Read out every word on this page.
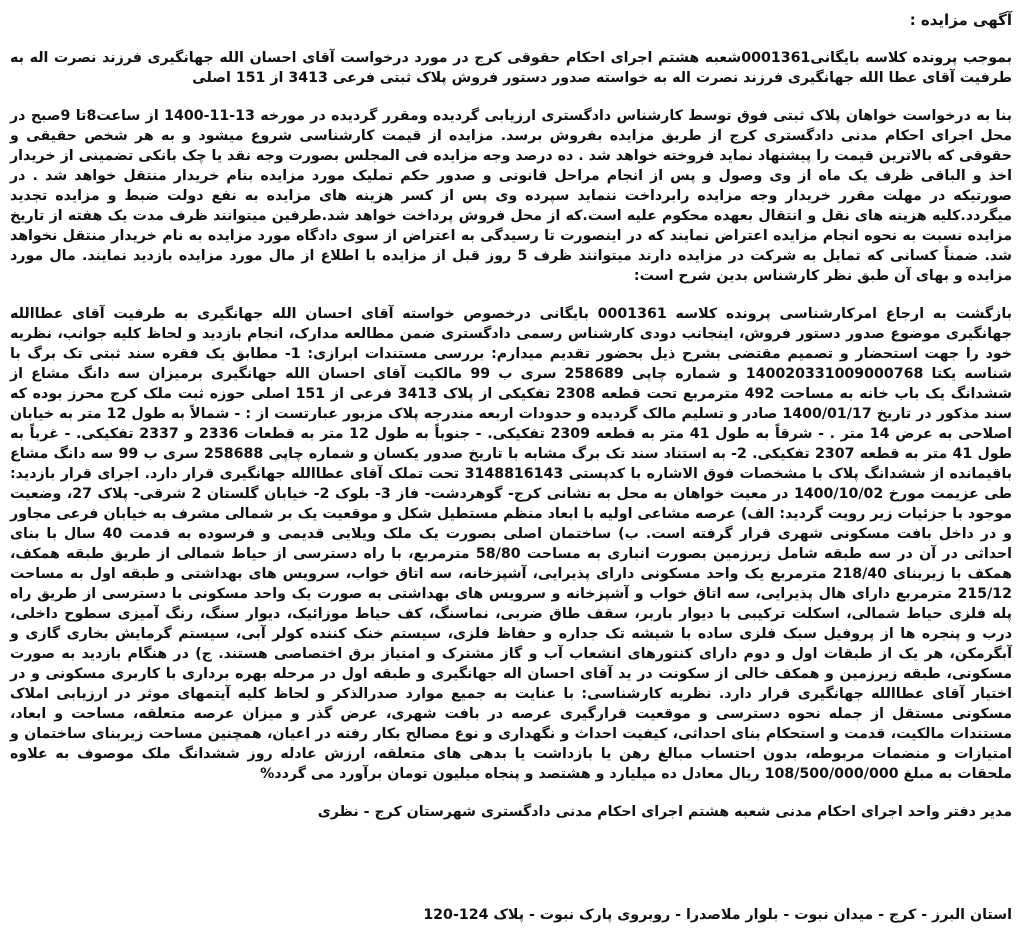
آگهی مزایده :

بموجب پرونده کلاسه بایگانی0001361شعبه هشتم اجرای احکام حقوقی کرج در مورد درخواست آقای احسان الله جهانگیری فرزند نصرت اله به طرفیت آقای عطا الله جهانگیری فرزند نصرت اله به خواسته صدور دستور فروش پلاک ثبتی فرعی 3413 از 151 اصلی

بنا به درخواست خواهان پلاک ثبتی فوق توسط کارشناس دادگستری ارزیابی گردیده ومقرر گردیده در مورخه 13-11-1400 از ساعت8تا 9صبح در محل اجرای احکام مدنی دادگستری کرج از طریق مزایده بفروش برسد. مزایده از قیمت کارشناسی شروع میشود و به هر شخص حقیقی و حقوقی که بالاترین قیمت را پیشنهاد نماید فروخته خواهد شد . ده درصد وجه مزایده فی المجلس بصورت وجه نقد یا چک بانکی تضمینی از خریدار اخذ و الباقی ظرف یک ماه از وی وصول و پس از انجام مراحل قانونی و صدور حکم تملیک مورد مزایده بنام خریدار منتقل خواهد شد . در صورتیکه در مهلت مقرر خریدار وجه مزایده رابرداخت ننماید سپرده وی پس از کسر هزینه های مزایده به نفع دولت ضبط و مزایده تجدید میگردد.کلیه هزینه های نقل و انتقال بعهده محکوم علیه است.که از محل فروش پرداخت خواهد شد.طرفین میتوانند ظرف مدت یک هفته از تاریخ مزایده نسبت به نحوه انجام مزایده اعتراض نمایند که در اینصورت تا رسیدگی به اعتراض از سوی دادگاه مورد مزایده به نام خریدار منتقل نخواهد شد. ضمناً کسانی که تمایل به شرکت در مزایده دارند میتوانند ظرف 5 روز قبل از مزایده با اطلاع از مال مورد مزایده بازدید نمایند. مال مورد مزایده و بهای آن طبق نظر کارشناس بدین شرح است:

بازگشت به ارجاع امرکارشناسی پرونده کلاسه 0001361 بایگانی درخصوص خواسته آقای احسان الله جهانگیری به طرفیت آقای عطاالله جهانگیری موضوع صدور دستور فروش، اینجانب دودی کارشناس رسمی دادگستری ضمن مطالعه مدارک، انجام بازدید و لحاظ کلیه جوانب، نظریه خود را جهت استحضار و تصمیم مقتضی بشرح ذیل بحضور تقدیم میدارم: بررسی مستندات ابرازی: 1- مطابق یک فقره سند ثبتی تک برگ با شناسه یکتا 140020331009000768 و شماره چاپی 258689 سری ب 99 مالکیت آقای احسان الله جهانگیری برمیزان سه دانگ مشاع از ششدانگ یک باب خانه به مساحت 492 مترمربع تحت قطعه 2308 تفکیکی از پلاک 3413 فرعی از 151 اصلی حوزه ثبت ملک کرج محرز بوده که سند مذکور در تاریخ 1400/01/17 صادر و تسلیم مالک گردیده و حدودات اربعه مندرجه پلاک مزبور عبارتست از : - شمالاً به طول 12 متر به خیابان اصلاحی به عرض 14 متر . - شرقاً به طول 41 متر به قطعه 2309 تفکیکی. - جنوباً به طول 12 متر به قطعات 2336 و 2337 تفکیکی. - غرباً به طول 41 متر به قطعه 2307 تفکیکی. 2- به استناد سند تک برگ مشابه با تاریخ صدور یکسان و شماره چاپی 258688 سری ب 99 سه دانگ مشاع باقیمانده از ششدانگ پلاک با مشخصات فوق الاشاره با کدپستی 3148816143 تحت تملک آقای عطاالله جهانگیری قرار دارد. اجرای قرار بازدید: طی عزیمت مورخ 1400/10/02 در معیت خواهان به محل به نشانی کرج- گوهردشت- فاز 3- بلوک 2- خیابان گلستان 2 شرقی- پلاک 27، وضعیت موجود با جزئیات زیر رویت گردید: الف) عرصه مشاعی اولیه با ابعاد منظم مستطیل شکل و موقعیت یک بر شمالی مشرف به خیابان فرعی مجاور و در داخل بافت مسکونی شهری قرار گرفته است. ب) ساختمان اصلی بصورت یک ملک ویلایی قدیمی و فرسوده به قدمت 40 سال با بنای احداثی در آن در سه طبقه شامل زیرزمین بصورت انباری به مساحت 58/80 مترمربع، با راه دسترسی از حیاط شمالی از طریق طبقه همکف، همکف با زیربنای 218/40 مترمربع یک واحد مسکونی دارای پذیرایی، آشپزخانه، سه اتاق خواب، سرویس های بهداشتی و طبقه اول به مساحت 215/12 مترمربع دارای هال پذیرایی، سه اتاق خواب و آشپزخانه و سرویس های بهداشتی به صورت یک واحد مسکونی با دسترسی از طریق راه پله فلزی حیاط شمالی، اسکلت ترکیبی با دیوار باربر، سقف طاق ضربی، نماسنگ، کف حیاط موزائیک، دیوار سنگ، رنگ آمیزی سطوح داخلی، درب و پنجره ها از پروفیل سبک فلزی ساده با شیشه تک جداره و حفاظ فلزی، سیستم خنک کننده کولر آبی، سیستم گرمایش بخاری گازی و آبگرمکن، هر یک از طبقات اول و دوم دارای کنتورهای انشعاب آب و گاز مشترک و امتیاز برق اختصاصی هستند. ج) در هنگام بازدید به صورت مسکونی، طبقه زیرزمین و همکف خالی از سکونت در ید آقای احسان اله جهانگیری و طبقه اول در مرحله بهره برداری با کاربری مسکونی و در اختیار آقای عطاالله جهانگیری قرار دارد. نظریه کارشناسی: با عنایت به جمیع موارد صدرالذکر و لحاظ کلیه آیتمهای موثر در ارزیابی املاک مسکونی مستقل از جمله نحوه دسترسی و موقعیت قرارگیری عرصه در بافت شهری، عرض گذر و میزان عرصه متعلقه، مساحت و ابعاد، مستندات مالکیت، قدمت و استحکام بنای احداثی، کیفیت احداث و نگهداری و نوع مصالح بکار رفته در اعیان، همچنین مساحت زیربنای ساختمان و امتیازات و منضمات مربوطه، بدون احتساب مبالغ رهن یا بازداشت یا بدهی های متعلقه، ارزش عادله روز ششدانگ ملک موصوف به علاوه ملحقات به مبلغ 108/500/000/000 ریال معادل ده میلیارد و هشتصد و پنجاه میلیون تومان برآورد می گردد%

مدیر دفتر واحد اجرای احکام مدنی شعبه هشتم اجرای احکام مدنی دادگستری شهرستان کرج - نظری

استان البرز - کرج - میدان نبوت - بلوار ملاصدرا - روبروی پارک نبوت - پلاک 124-120
